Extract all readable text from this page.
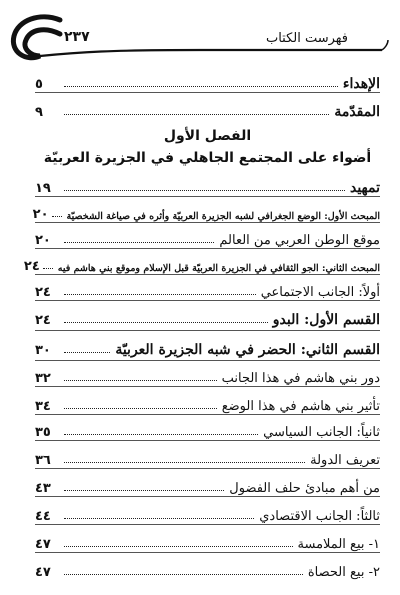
٢٣٧	فهرست الكتاب
الإهداء
٥
المقدّمة
٩
الفصل الأول
أضواء على المجتمع الجاهلي في الجزيرة العربيّة
تمهيد
١٩
المبحث الأول: الوضع الجغرافي لشبه الجزيرة العربيّة وأثره في صياغة الشخصيّة
٢٠
موقع الوطن العربي من العالم
٢٠
المبحث الثاني: الجو الثقافي في الجزيرة العربيّة قبل الإسلام وموقع بني هاشم فيه
٢٤
أولاً: الجانب الاجتماعي
٢٤
القسم الأول: البدو
٢٤
القسم الثاني: الحضر في شبه الجزيرة العربيّة
٣٠
دور بني هاشم في هذا الجانب
٣٢
تأثير بني هاشم في هذا الوضع
٣٤
ثانياً: الجانب السياسي
٣٥
تعريف الدولة
٣٦
من أهم مبادئ حلف الفضول
٤٣
ثالثاً: الجانب الاقتصادي
٤٤
١- بيع الملامسة
٤٧
٢- بيع الحصاة
٤٧
